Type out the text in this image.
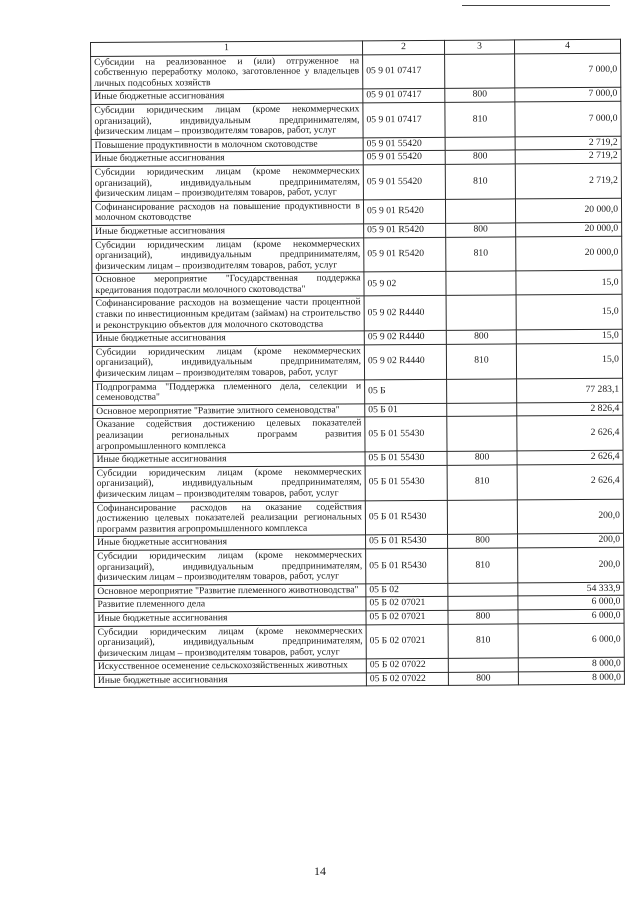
1	2	3	4
Субсидии на реализованное и (или) отгруженное на собственную переработку молоко, заготовленное у владельцев личных подсобных хозяйств	05 9 01 07417		7 000,0
Иные бюджетные ассигнования	05 9 01 07417	800	7 000,0
Субсидии юридическим лицам (кроме некоммерческих организаций), индивидуальным предпринимателям, физическим лицам – производителям товаров, работ, услуг	05 9 01 07417	810	7 000,0
Повышение продуктивности в молочном скотоводстве	05 9 01 55420		2 719,2
Иные бюджетные ассигнования	05 9 01 55420	800	2 719,2
Субсидии юридическим лицам (кроме некоммерческих организаций), индивидуальным предпринимателям, физическим лицам – производителям товаров, работ, услуг	05 9 01 55420	810	2 719,2
Софинансирование расходов на повышение продуктивности в молочном скотоводстве	05 9 01 R5420		20 000,0
Иные бюджетные ассигнования	05 9 01 R5420	800	20 000,0
Субсидии юридическим лицам (кроме некоммерческих организаций), индивидуальным предпринимателям, физическим лицам – производителям товаров, работ, услуг	05 9 01 R5420	810	20 000,0
Основное мероприятие "Государственная поддержка кредитования подотрасли молочного скотоводства"	05 9 02		15,0
Софинансирование расходов на возмещение части процентной ставки по инвестиционным кредитам (займам) на строительство и реконструкцию объектов для молочного скотоводства	05 9 02 R4440		15,0
Иные бюджетные ассигнования	05 9 02 R4440	800	15,0
Субсидии юридическим лицам (кроме некоммерческих организаций), индивидуальным предпринимателям, физическим лицам – производителям товаров, работ, услуг	05 9 02 R4440	810	15,0
Подпрограмма "Поддержка племенного дела, селекции и семеноводства"	05 Б		77 283,1
Основное мероприятие "Развитие элитного семеноводства"	05 Б 01		2 826,4
Оказание содействия достижению целевых показателей реализации региональных программ развития агропромышленного комплекса	05 Б 01 55430		2 626,4
Иные бюджетные ассигнования	05 Б 01 55430	800	2 626,4
Субсидии юридическим лицам (кроме некоммерческих организаций), индивидуальным предпринимателям, физическим лицам – производителям товаров, работ, услуг	05 Б 01 55430	810	2 626,4
Софинансирование расходов на оказание содействия достижению целевых показателей реализации региональных программ развития агропромышленного комплекса	05 Б 01 R5430		200,0
Иные бюджетные ассигнования	05 Б 01 R5430	800	200,0
Субсидии юридическим лицам (кроме некоммерческих организаций), индивидуальным предпринимателям, физическим лицам – производителям товаров, работ, услуг	05 Б 01 R5430	810	200,0
Основное мероприятие "Развитие племенного животноводства"	05 Б 02		54 333,9
Развитие племенного дела	05 Б 02 07021		6 000,0
Иные бюджетные ассигнования	05 Б 02 07021	800	6 000,0
Субсидии юридическим лицам (кроме некоммерческих организаций), индивидуальным предпринимателям, физическим лицам – производителям товаров, работ, услуг	05 Б 02 07021	810	6 000,0
Искусственное осеменение сельскохозяйственных животных	05 Б 02 07022		8 000,0
Иные бюджетные ассигнования	05 Б 02 07022	800	8 000,0
14
